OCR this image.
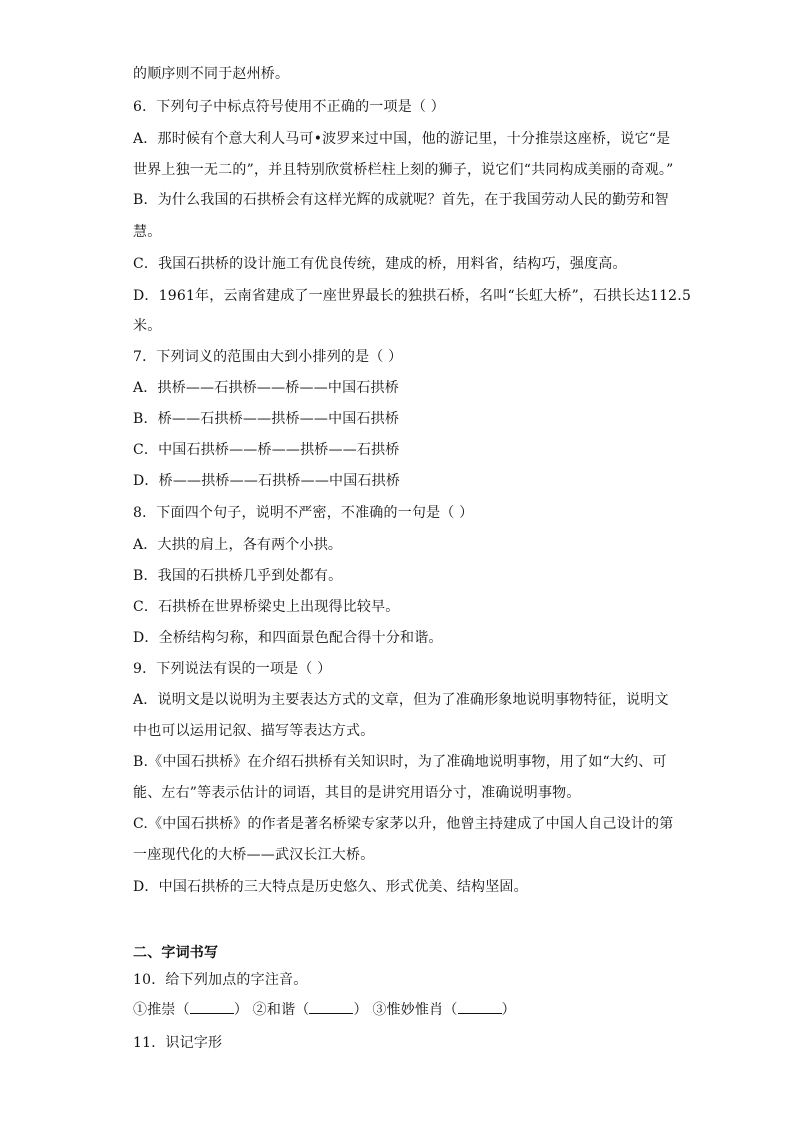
的顺序则不同于赵州桥。
6．下列句子中标点符号使用不正确的一项是（ ）
A．那时候有个意大利人马可•波罗来过中国，他的游记里，十分推崇这座桥，说它“是
世界上独一无二的”，并且特别欣赏桥栏柱上刻的狮子，说它们“共同构成美丽的奇观。”
B．为什么我国的石拱桥会有这样光辉的成就呢？首先，在于我国劳动人民的勤劳和智
慧。
C．我国石拱桥的设计施工有优良传统，建成的桥，用料省，结构巧，强度高。
D．1961年，云南省建成了一座世界最长的独拱石桥，名叫“长虹大桥”，石拱长达112.5
米。
7．下列词义的范围由大到小排列的是（ ）
A．拱桥——石拱桥——桥——中国石拱桥
B．桥——石拱桥——拱桥——中国石拱桥
C．中国石拱桥——桥——拱桥——石拱桥
D．桥——拱桥——石拱桥——中国石拱桥
8．下面四个句子，说明不严密，不准确的一句是（ ）
A．大拱的肩上，各有两个小拱。
B．我国的石拱桥几乎到处都有。
C．石拱桥在世界桥梁史上出现得比较早。
D．全桥结构匀称，和四面景色配合得十分和谐。
9．下列说法有误的一项是（ ）
A．说明文是以说明为主要表达方式的文章，但为了准确形象地说明事物特征，说明文
中也可以运用记叙、描写等表达方式。
B.《中国石拱桥》在介绍石拱桥有关知识时，为了准确地说明事物，用了如“大约、可
能、左右”等表示估计的词语，其目的是讲究用语分寸，准确说明事物。
C.《中国石拱桥》的作者是著名桥梁专家茅以升，他曾主持建成了中国人自己设计的第
一座现代化的大桥——武汉长江大桥。
D．中国石拱桥的三大特点是历史悠久、形式优美、结构坚固。
二、字词书写
10．给下列加点的字注音。
①推崇（	） ②和谐（	） ③惟妙惟肖（	）
11．识记字形
